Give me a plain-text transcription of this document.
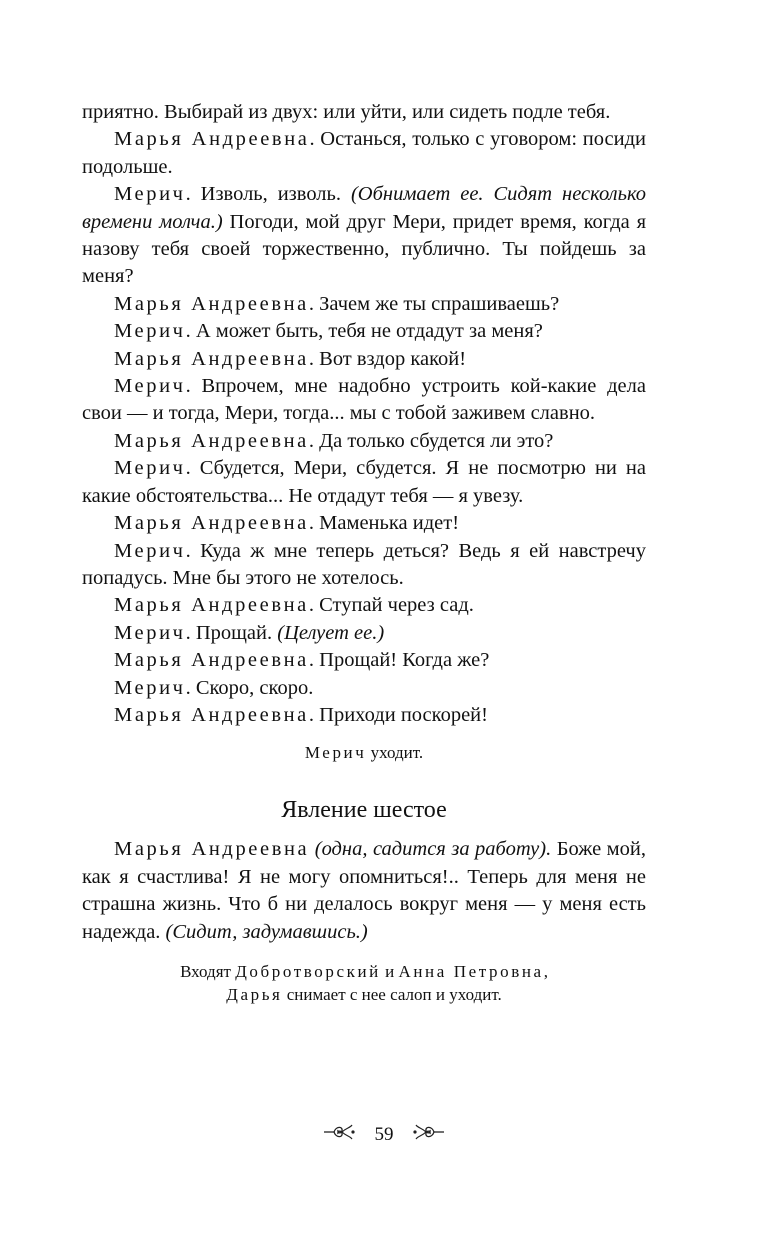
приятно. Выбирай из двух: или уйти, или сидеть подле тебя.

Марья Андреевна. Останься, только с уговором: посиди подольше.

Мерич. Изволь, изволь. (Обнимает ее. Сидят несколько времени молча.) Погоди, мой друг Мери, придет время, когда я назову тебя своей торжественно, публично. Ты пойдешь за меня?

Марья Андреевна. Зачем же ты спрашиваешь?

Мерич. А может быть, тебя не отдадут за меня?

Марья Андреевна. Вот вздор какой!

Мерич. Впрочем, мне надобно устроить кой-какие дела свои — и тогда, Мери, тогда... мы с тобой заживем славно.

Марья Андреевна. Да только сбудется ли это?

Мерич. Сбудется, Мери, сбудется. Я не посмотрю ни на какие обстоятельства... Не отдадут тебя — я увезу.

Марья Андреевна. Маменька идет!

Мерич. Куда ж мне теперь деться? Ведь я ей навстречу попадусь. Мне бы этого не хотелось.

Марья Андреевна. Ступай через сад.

Мерич. Прощай. (Целует ее.)

Марья Андреевна. Прощай! Когда же?

Мерич. Скоро, скоро.

Марья Андреевна. Приходи поскорей!

Мерич уходит.

Явление шестое

Марья Андреевна (одна, садится за работу). Боже мой, как я счастлива! Я не могу опомниться!.. Теперь для меня не страшна жизнь. Что б ни делалось вокруг меня — у меня есть надежда. (Сидит, задумавшись.)

Входят Добротворский и Анна Петровна,

Дарья снимает с нее салоп и уходит.

59
